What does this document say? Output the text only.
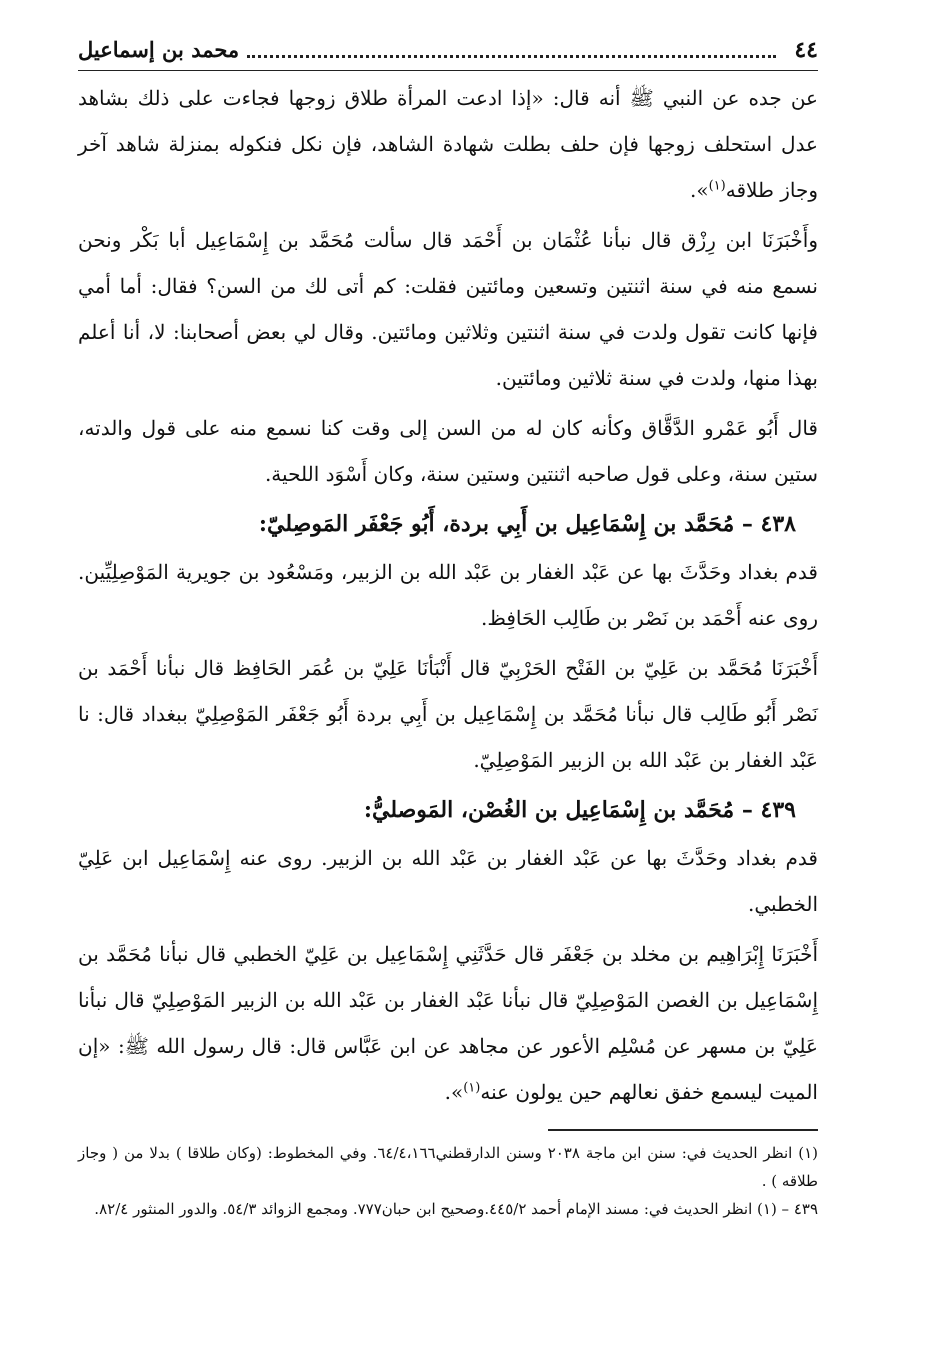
٤٤
محمد بن إسماعيل

عن جده عن النبي ﷺ أنه قال: «إذا ادعت المرأة طلاق زوجها فجاءت على ذلك بشاهد عدل استحلف زوجها فإن حلف بطلت شهادة الشاهد، فإن نكل فنكوله بمنزلة شاهد آخر وجاز طلاقه$^{(١)}$».

وأَخْبَرَنَا ابن رِزْق قال نبأنا عُثْمَان بن أَحْمَد قال سألت مُحَمَّد بن إِسْمَاعِيل أبا بَكْر ونحن نسمع منه في سنة اثنتين وتسعين ومائتين فقلت: كم أتى لك من السن؟ فقال: أما أمي فإنها كانت تقول ولدت في سنة اثنتين وثلاثين ومائتين. وقال لي بعض أصحابنا: لا، أنا أعلم بهذا منها، ولدت في سنة ثلاثين ومائتين.

قال أَبُو عَمْرو الدَّقَّاق وكأنه كان له من السن إلى وقت كنا نسمع منه على قول والدته، ستين سنة، وعلى قول صاحبه اثنتين وستين سنة، وكان أَسْوَد اللحية.

٤٣٨ – مُحَمَّد بن إِسْمَاعِيل بن أَبِي بردة، أَبُو جَعْفَر المَوصِليّ:

قدم بغداد وحَدَّثَ بها عن عَبْد الغفار بن عَبْد الله بن الزبير، ومَسْعُود بن جويرية المَوْصِلِيِّين. روى عنه أَحْمَد بن نَصْر بن طَالِب الحَافِظ.

أَخْبَرَنَا مُحَمَّد بن عَلِيّ بن الفَتْح الحَرْبِيّ قال أَنْبَأنَا عَلِيّ بن عُمَر الحَافِظ قال نبأنا أَحْمَد بن نَصْر أَبُو طَالِب قال نبأنا مُحَمَّد بن إِسْمَاعِيل بن أَبِي بردة أَبُو جَعْفَر المَوْصِلِيّ ببغداد قال: نا عَبْد الغفار بن عَبْد الله بن الزبير المَوْصِلِيّ.

٤٣٩ – مُحَمَّد بن إِسْمَاعِيل بن الغُصْن، المَوصليُّ:

قدم بغداد وحَدَّثَ بها عن عَبْد الغفار بن عَبْد الله بن الزبير. روى عنه إِسْمَاعِيل ابن عَلِيّ الخطبي.

أَخْبَرَنَا إِبْرَاهِيم بن مخلد بن جَعْفَر قال حَدَّثَنِي إِسْمَاعِيل بن عَلِيّ الخطبي قال نبأنا مُحَمَّد بن إِسْمَاعِيل بن الغصن المَوْصِلِيّ قال نبأنا عَبْد الغفار بن عَبْد الله بن الزبير المَوْصِلِيّ قال نبأنا عَلِيّ بن مسهر عن مُسْلِم الأعور عن مجاهد عن ابن عَبَّاس قال: قال رسول الله ﷺ: «إن الميت ليسمع خفق نعالهم حين يولون عنه$^{(١)}$».

(١) انظر الحديث في: سنن ابن ماجة ٢٠٣٨ وسنن الدارقطني٦٤/٤،١٦٦. وفي المخطوط: (وكان طلاقا ) بدلا من ( وجاز طلاقه ) .

٤٣٩ – (١) انظر الحديث في: مسند الإمام أحمد ٤٤٥/٢.وصحيح ابن حبان٧٧٧. ومجمع الزوائد ٥٤/٣. والدور المنثور ٨٢/٤.
